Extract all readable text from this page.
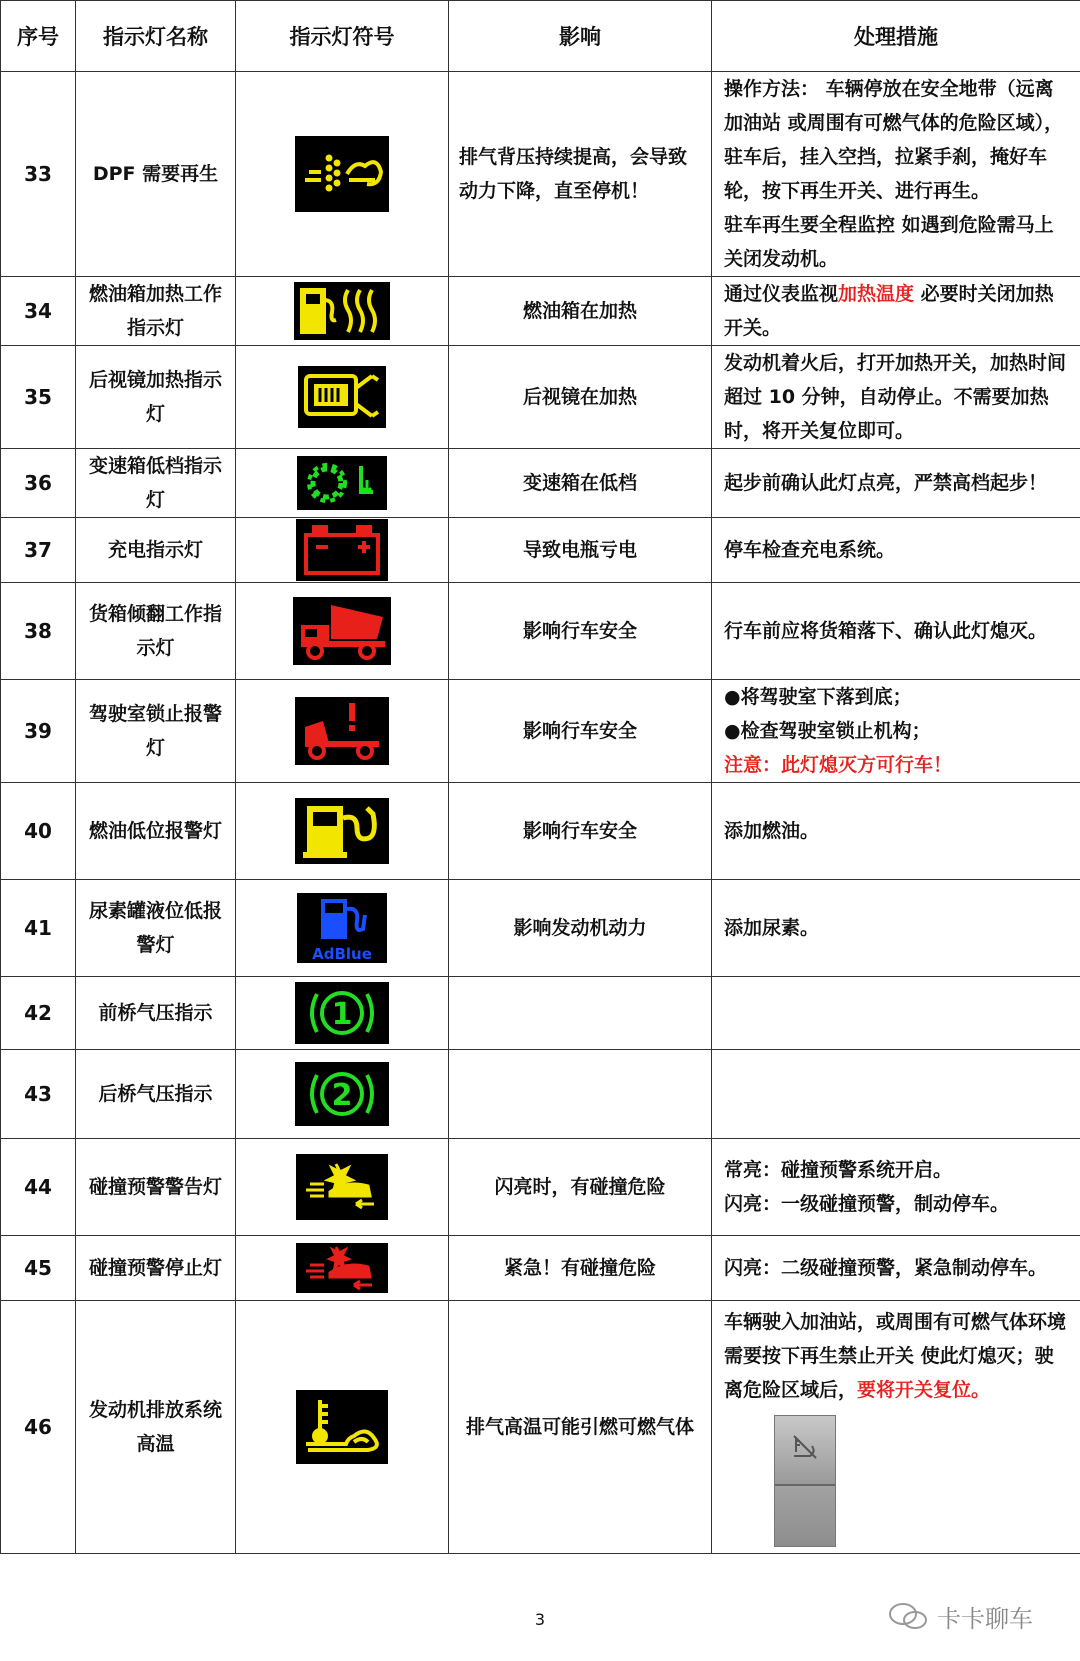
序号	指示灯名称	指示灯符号	影响	处理措施
33	DPF 需要再生		排气背压持续提高，会导致动力下降，直至停机！	操作方法： 车辆停放在安全地带（远离加油站 或周围有可燃气体的危险区域），驻车后，挂入空挡，拉紧手刹，掩好车轮，按下再生开关、进行再生。
驻车再生要全程监控 如遇到危险需马上关闭发动机。

34	燃油箱加热工作指示灯		燃油箱在加热	通过仪表监视加热温度 必要时关闭加热开关。
35	后视镜加热指示灯		后视镜在加热	发动机着火后，打开加热开关，加热时间超过 10 分钟，自动停止。不需要加热时，将开关复位即可。
36	变速箱低档指示灯		变速箱在低档	起步前确认此灯点亮，严禁高档起步！
37	充电指示灯		导致电瓶亏电	停车检查充电系统。
38	货箱倾翻工作指示灯		影响行车安全	行车前应将货箱落下、确认此灯熄灭。
39	驾驶室锁止报警灯		影响行车安全	●将驾驶室下落到底；
●检查驾驶室锁止机构；
注意：此灯熄灭方可行车！

40	燃油低位报警灯		影响行车安全	添加燃油。
41	尿素罐液位低报警灯	AdBlue	影响发动机动力	添加尿素。
42	前桥气压指示	1		

43	后桥气压指示	2		

44	碰撞预警警告灯		闪亮时，有碰撞危险	常亮：碰撞预警系统开启。
闪亮：一级碰撞预警，制动停车。

45	碰撞预警停止灯		紧急！有碰撞危险	闪亮：二级碰撞预警，紧急制动停车。
46	发动机排放系统高温		排气高温可能引燃可燃气体	车辆驶入加油站，或周围有可燃气体环境 需要按下再生禁止开关 使此灯熄灭；驶离危险区域后，要将开关复位。
3	卡卡聊车
